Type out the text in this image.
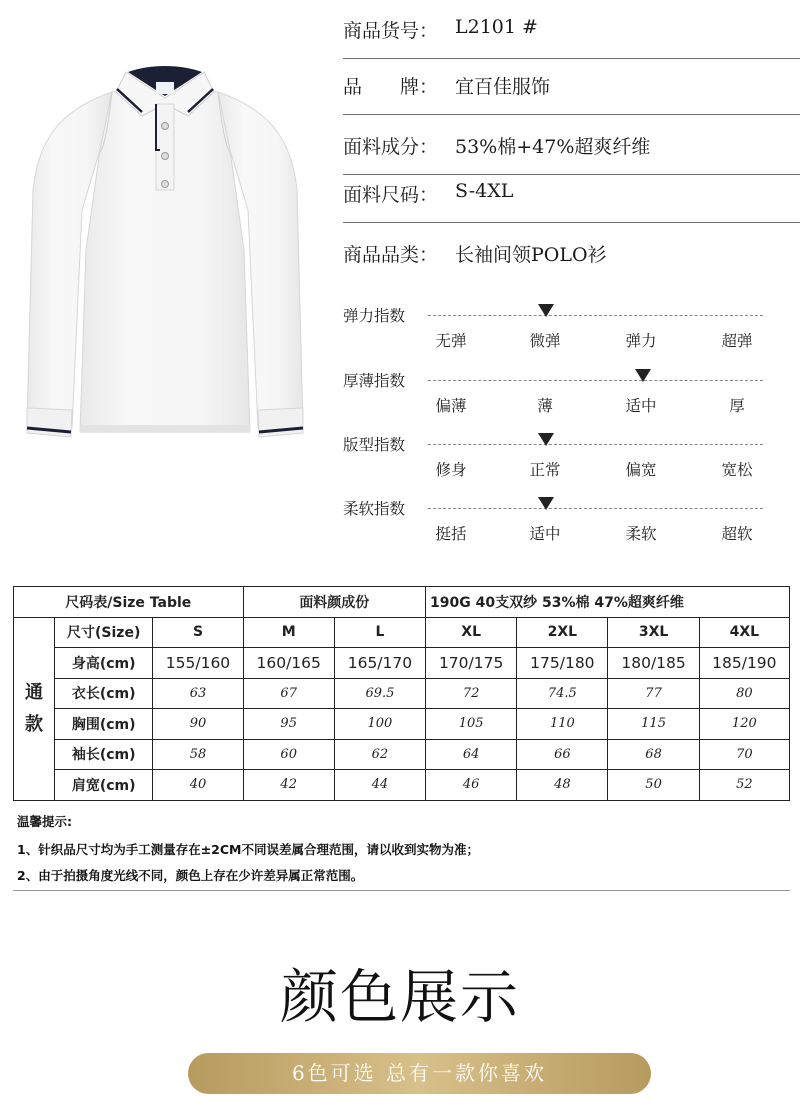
商品货号： L2101 #
品　　牌： 宜百佳服饰
面料成分： 53%棉+47%超爽纤维
面料尺码： S-4XL
商品品类： 长袖间领POLO衫
弹力指数
无弹	微弹	弹力	超弹
厚薄指数
偏薄	薄	适中	厚
版型指数
修身	正常	偏宽	宽松
柔软指数
挺括	适中	柔软	超软
尺码表/Size Table			面料颜成份		190G 40支双纱 53%棉 47%超爽纤维			
通款	尺寸(Size)	S	M	L	XL	2XL	3XL	4XL
	身高(cm)	155/160	160/165	165/170	170/175	175/180	180/185	185/190
	衣长(cm)	63	67	69.5	72	74.5	77	80
	胸围(cm)	90	95	100	105	110	115	120
	袖长(cm)	58	60	62	64	66	68	70
	肩宽(cm)	40	42	44	46	48	50	52
温馨提示:
1、针织品尺寸均为手工测量存在±2CM不同误差属合理范围，请以收到实物为准；
2、由于拍摄角度光线不同，颜色上存在少许差异属正常范围。
颜色展示
6色可选 总有一款你喜欢
